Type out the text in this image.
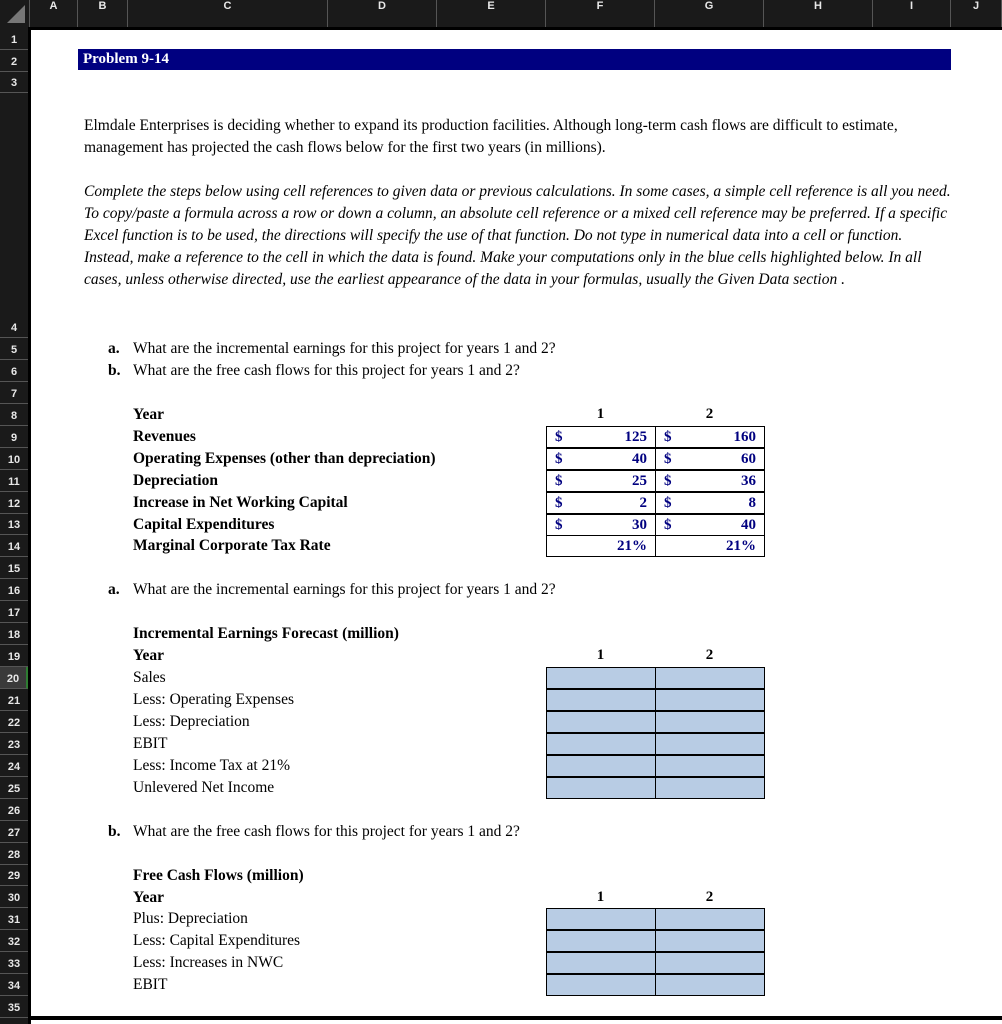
A	B	C	D	E	F	G	H	I	J
1
2
3
4
5
6
7
8
9
10
11
12
13
14
15
16
17
18
19
20
21
22
23
24
25
26
27
28
29
30
31
32
33
34
35
Problem 9-14
Elmdale Enterprises is deciding whether to expand its production facilities. Although long-term cash flows are difficult to estimate, management has projected the cash flows below for the first two years (in millions).
Complete the steps below using cell references to given data or previous calculations. In some cases, a simple cell reference is all you need. To copy/paste a formula across a row or down a column, an absolute cell reference or a mixed cell reference may be preferred. If a specific Excel function is to be used, the directions will specify the use of that function. Do not type in numerical data into a cell or function. Instead, make a reference to the cell in which the data is found. Make your computations only in the blue cells highlighted below. In all cases, unless otherwise directed, use the earliest appearance of the data in your formulas, usually the Given Data section .
a. What are the incremental earnings for this project for years 1 and 2?
a. What are the incremental earnings for this project for years 1 and 2?
b. What are the free cash flows for this project for years 1 and 2?
b. What are the free cash flows for this project for years 1 and 2?
Year	1	2
Revenues	$	125 $	160
Operating Expenses (other than depreciation)	$	40 $	60
Depreciation	$	25 $	36
Increase in Net Working Capital	$	2 $	8
Capital Expenditures	$	30 $	40
Marginal Corporate Tax Rate	21%	21%
Incremental Earnings Forecast (million)
Year	1	2
Sales
Less: Operating Expenses
Less: Depreciation
EBIT
Less: Income Tax at 21%
Unlevered Net Income
Free Cash Flows (million)
Year	1	2
Plus: Depreciation
Less: Capital Expenditures
Less: Increases in NWC
EBIT
